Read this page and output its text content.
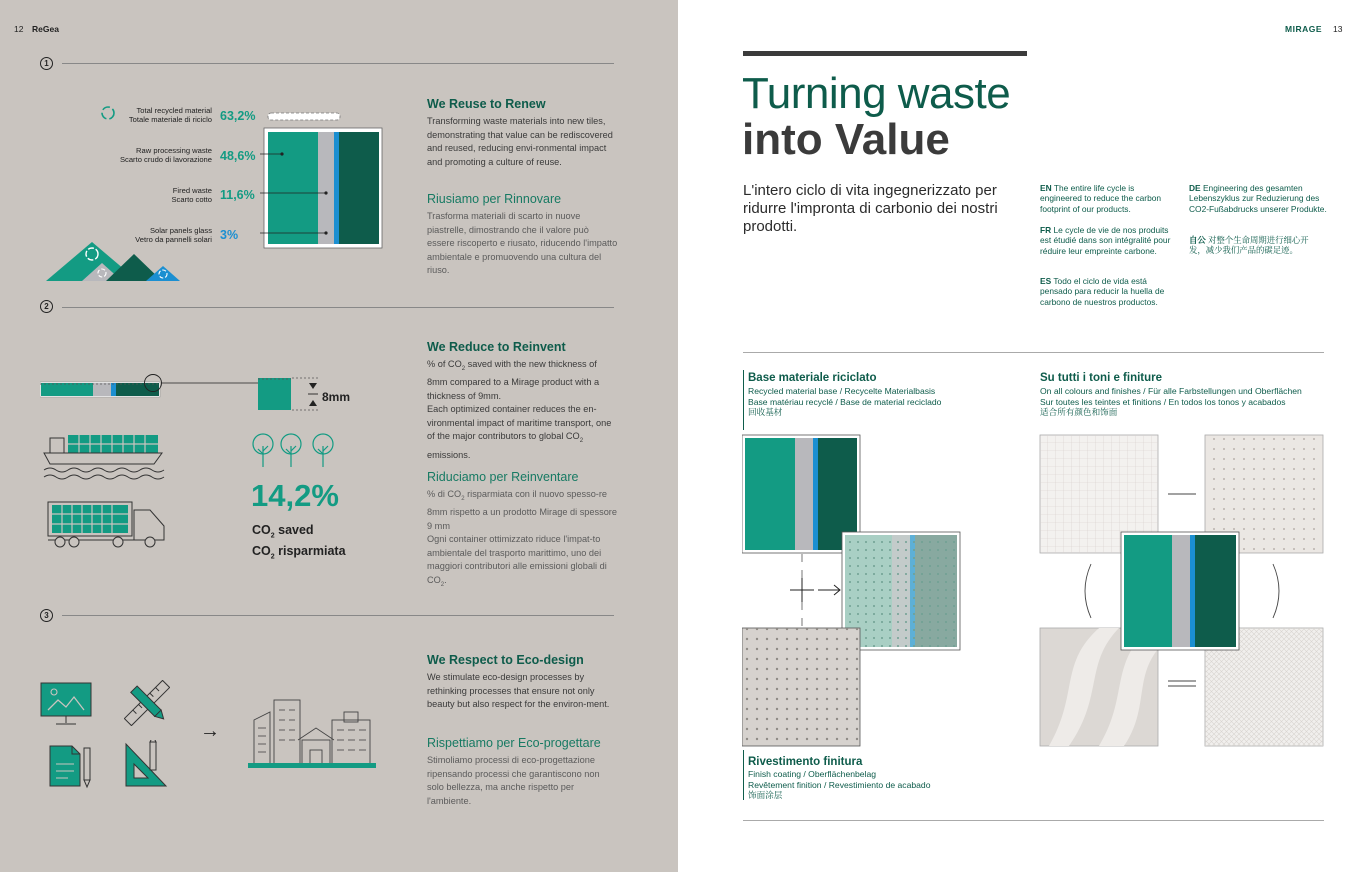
12 ReGea
1
Total recycled material
Totale materiale di riciclo 63,2%
Raw processing waste
Scarto crudo di lavorazione 48,6%
Fired waste
Scarto cotto 11,6%
Solar panels glass
Vetro da pannelli solari 3%
We Reuse to Renew
Transforming waste materials into new tiles, demonstrating that value can be rediscovered and reused, reducing envi-ronmental impact and promoting a culture of reuse.
Riusiamo per Rinnovare
Trasforma materiali di scarto in nuove piastrelle, dimostrando che il valore può essere riscoperto e riusato, riducendo l'impatto ambientale e promuovendo una cultura del riuso.
2
8mm
14,2%
$CO_2$ saved
$CO_2$ risparmiata
We Reduce to Reinvent
% of $CO_2$ saved with the new thickness of 8mm compared to a Mirage product with a thickness of 9mm.
Each optimized container reduces the en-vironmental impact of maritime transport, one of the major contributors to global $CO_2$ emissions.
Riduciamo per Reinventare
% di $CO_2$ risparmiata con il nuovo spesso-re 8mm rispetto a un prodotto Mirage di spessore 9 mm
Ogni container ottimizzato riduce l'impat-to ambientale del trasporto marittimo, uno dei maggiori contributori alle emissioni globali di $CO_2$.
3
→
We Respect to Eco-design
We stimulate eco-design processes by rethinking processes that ensure not only beauty but also respect for the environ-ment.
Rispettiamo per Eco-progettare
Stimoliamo processi di eco-progettazione ripensando processi che garantiscono non solo bellezza, ma anche rispetto per l'ambiente.
MIRAGE 13
Turning waste
into Value
L'intero ciclo di vita ingegnerizzato per ridurre l'impronta di carbonio dei nostri prodotti.
EN The entire life cycle is engineered to reduce the carbon footprint of our products.
FR Le cycle de vie de nos produits est étudié dans son intégralité pour réduire leur empreinte carbone.
ES Todo el ciclo de vida está pensado para reducir la huella de carbono de nuestros productos.
DE Engineering des gesamten Lebenszyklus zur Reduzierung des CO2-Fußabdrucks unserer Produkte.
自公 对整个生命周期进行细心开发，减少我们产品的碳足迹。
Base materiale riciclato
Recycled material base / Recycelte Materialbasis
Base matériau recyclé / Base de material reciclado
回收基材
Rivestimento finitura
Finish coating / Oberflächenbelag
Revêtement finition / Revestimiento de acabado
饰面涂层
Su tutti i toni e finiture
On all colours and finishes / Für alle Farbstellungen und Oberflächen
Sur toutes les teintes et finitions / En todos los tonos y acabados
适合所有颜色和饰面
